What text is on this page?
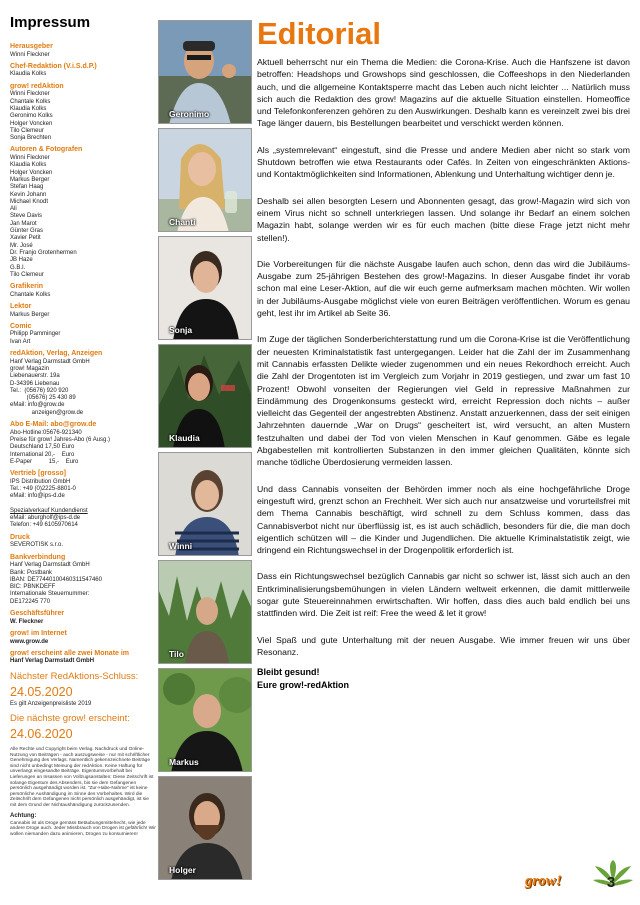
Impressum
Herausgeber
Winni Fleckner
Chef-Redaktion (V.i.S.d.P.)
Klaudia Kolks
grow! redAktion
Winni Fleckner
Chantale Kolks
Klaudia Kolks
Geronimo Kolks
Holger Voncken
Tilo Clemeur
Sonja Brechten
Autoren & Fotografen
Winni Fleckner
Klaudia Kolks
Holger Voncken
Markus Berger
Stefan Haag
Kevin Johann
Michael Knodt
Ali
Steve Davis
Jan Marot
Günter Gras
Xavier Petit
Mr. José
Dr. Franjo Grotenhermen
JB Haze
G.B.I.
Tilo Clemeur
Grafikerin
Chantale Kolks
Lektor
Markus Berger
Comic
Philipp Pamminger
Ivan Art
redAktion, Verlag, Anzeigen
Hanf Verlag Darmstadt GmbH
grow! Magazin
Liebenauerstr. 19a
D-34396 Liebenau
Tel.:  (05676) 920 920
(05676) 25 430 89
eMail: info@grow.de
anzeigen@grow.de
Abo E-Mail: abo@grow.de
Abo-Hotline:05676-921340
Preise für grow! Jahres-Abo (6 Ausg.)
Deutschland 17,50 Euro
International 20,-    Euro
E-Paper          15,-    Euro
Vertrieb [grosso]
IPS Distribution GmbH
Tel.: +49 (0)2225-8801-0
eMail: info@ips-d.de

Spezialverkauf Kundendienst
eMail: aburgholf@ips-d.de
Telefon: +49 6105970614
Druck
SEVEROTISK s.r.o.
Bankverbindung
Hanf Verlag Darmstadt GmbH
Bank: Postbank
IBAN: DE77440100460311547460
BIC: PBNKDEFF
Internationale Steuernummer:
DE172245 770
Geschäftsführer
W. Fleckner
grow! im Internet
www.grow.de
grow! erscheint alle zwei Monate im
Hanf Verlag Darmstadt GmbH
Nächster RedAktions-Schluss:
24.05.2020
Es gilt Anzeigenpreisliste 2019
Die nächste grow! erscheint:
24.06.2020
Alle Rechte und Copyright beim Verlag. Nachdruck und Online-Nutzung von Beiträgen - auch auszugsweise - nur mit schriftlicher Genehmigung des Verlags. Namentlich gekennzeichnete Beiträge sind nicht unbedingt Meinung der redAktion. Keine Haftung für unverlangt eingesandte Beiträge. Eigentumsvorbehalt bei Lieferungen an Insassen von Vollzugsanstalten: Diese Zeitschrift ist solange Eigentum des Absenders, bis sie dem Gefangenen persönlich ausgehändigt worden ist. "Zur-Habe-Nahme" ist keine persönliche Aushändigung im Sinne des Vorbehaltes. Wird die Zeitschrift dem Gefangenen nicht persönlich ausgehändigt, ist sie mit dem Grund der Nichtaushändigung zurückzusenden.
Achtung:
Cannabis ist als Droge gemäss Betäubungsmittelrecht, wie jede andere Droge auch. Jeder Missbrauch von Drogen ist gefährlich! Wir wollen niemanden dazu animieren, Drogen zu konsumieren!
Geronimo
Chanti
Sonja
Klaudia
Winni
Tilo
Markus
Holger
Editorial

Aktuell beherrscht nur ein Thema die Medien: die Corona-Krise. Auch die Hanfszene ist davon betroffen: Headshops und Growshops sind geschlossen, die Coffeeshops in den Niederlanden auch, und die allgemeine Kontaktsperre macht das Leben auch nicht leichter ... Natürlich muss sich auch die Redaktion des grow! Magazins auf die aktuelle Situation einstellen. Homeoffice und Telefonkonferenzen gehören zu den Auswirkungen. Deshalb kann es vereinzelt zwei bis drei Tage länger dauern, bis Bestellungen bearbeitet und verschickt werden können.

Als „systemrelevant“ eingestuft, sind die Presse und andere Medien aber nicht so stark vom Shutdown betroffen wie etwa Restaurants oder Cafés. In Zeiten von eingeschränkten Aktions- und Kontaktmöglichkeiten sind Informationen, Ablenkung und Unterhaltung wichtiger denn je.

Deshalb sei allen besorgten Lesern und Abonnenten gesagt, das grow!-Magazin wird sich von einem Virus nicht so schnell unterkriegen lassen. Und solange ihr Bedarf an einem solchen Magazin habt, solange werden wir es für euch machen (bitte diese Frage jetzt nicht mehr stellen!).

Die Vorbereitungen für die nächste Ausgabe laufen auch schon, denn das wird die Jubiläums-Ausgabe zum 25-jährigen Bestehen des grow!-Magazins. In dieser Ausgabe findet ihr vorab schon mal eine Leser-Aktion, auf die wir euch gerne aufmerksam machen möchten. Wir wollen in der Jubiläums-Ausgabe möglichst viele von euren Beiträgen veröffentlichen. Worum es genau geht, lest ihr im Artikel ab Seite 36.

Im Zuge der täglichen Sonderberichterstattung rund um die Corona-Krise ist die Veröffentlichung der neuesten Kriminalstatistik fast untergegangen. Leider hat die Zahl der im Zusammenhang mit Cannabis erfassten Delikte wieder zugenommen und ein neues Rekordhoch erreicht. Auch die Zahl der Drogentoten ist im Vergleich zum Vorjahr in 2019 gestiegen, und zwar um fast 10 Prozent! Obwohl vonseiten der Regierungen viel Geld in repressive Maßnahmen zur Eindämmung des Drogenkonsums gesteckt wird, erreicht Repression doch nichts – außer vielleicht das Gegenteil der angestrebten Abstinenz. Anstatt anzuerkennen, dass der seit einigen Jahrzehnten dauernde „War on Drugs“ gescheitert ist, wird versucht, an alten Mustern festzuhalten und dabei der Tod von vielen Menschen in Kauf genommen. Gäbe es legale Abgabestellen mit kontrollierten Substanzen in den immer gleichen Qualitäten, könnte sich manche tödliche Überdosierung vermeiden lassen.

Und dass Cannabis vonseiten der Behörden immer noch als eine hochgefährliche Droge eingestuft wird, grenzt schon an Frechheit. Wer sich auch nur ansatzweise und vorurteilsfrei mit dem Thema Cannabis beschäftigt, wird schnell zu dem Schluss kommen, dass das Cannabisverbot nicht nur überflüssig ist, es ist auch schädlich, besonders für die, die man doch eigentlich schützen will – die Kinder und Jugendlichen. Die aktuelle Kriminalstatistik zeigt, wie dringend ein Richtungswechsel in der Drogenpolitik erforderlich ist.

Dass ein Richtungswechsel bezüglich Cannabis gar nicht so schwer ist, lässt sich auch an den Entkriminalisierungsbemühungen in vielen Ländern weltweit erkennen, die damit mittlerweile sogar gute Steuereinnahmen erwirtschaften. Wir hoffen, dass dies auch bald endlich bei uns stattfinden wird. Die Zeit ist reif: Free the weed & let it grow!

Viel Spaß und gute Unterhaltung mit der neuen Ausgabe. Wie immer freuen wir uns über Resonanz.

Bleibt gesund!
Eure grow!-redAktion
grow!	3
